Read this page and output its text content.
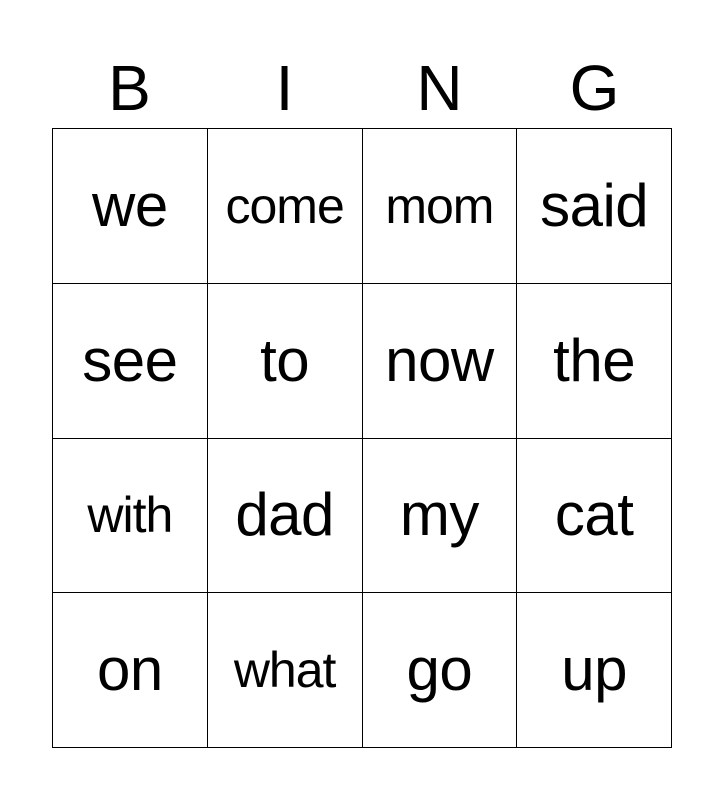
B	I	N	G
we come mom said
see to now the
with dad my cat
on what go up
